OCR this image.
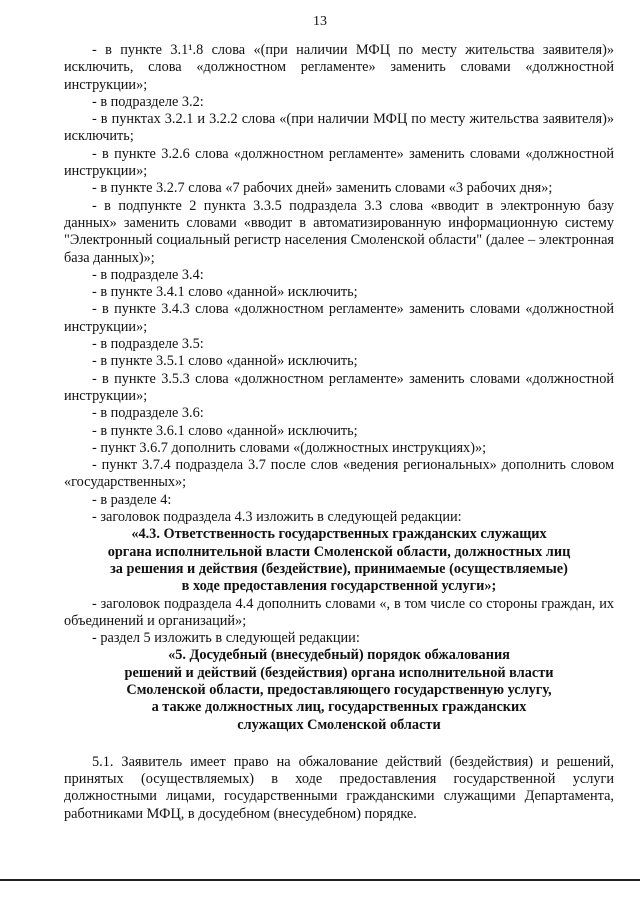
13

- в пункте 3.1¹.8 слова «(при наличии МФЦ по месту жительства заявителя)» исключить, слова «должностном регламенте» заменить словами «должностной инструкции»;

- в подразделе 3.2:

- в пунктах 3.2.1 и 3.2.2 слова «(при наличии МФЦ по месту жительства заявителя)» исключить;

- в пункте 3.2.6 слова «должностном регламенте» заменить словами «должностной инструкции»;

- в пункте 3.2.7 слова «7 рабочих дней» заменить словами «3 рабочих дня»;

- в подпункте 2 пункта 3.3.5 подраздела 3.3 слова «вводит в электронную базу данных» заменить словами «вводит в автоматизированную информационную систему "Электронный социальный регистр населения Смоленской области" (далее – электронная база данных)»;

- в подразделе 3.4:

- в пункте 3.4.1 слово «данной» исключить;

- в пункте 3.4.3 слова «должностном регламенте» заменить словами «должностной инструкции»;

- в подразделе 3.5:

- в пункте 3.5.1 слово «данной» исключить;

- в пункте 3.5.3 слова «должностном регламенте» заменить словами «должностной инструкции»;

- в подразделе 3.6:

- в пункте 3.6.1 слово «данной» исключить;

- пункт 3.6.7 дополнить словами «(должностных инструкциях)»;

- пункт 3.7.4 подраздела 3.7 после слов «ведения региональных» дополнить словом «государственных»;

- в разделе 4:

- заголовок подраздела 4.3 изложить в следующей редакции:

«4.3. Ответственность государственных гражданских служащих

органа исполнительной власти Смоленской области, должностных лиц

за решения и действия (бездействие), принимаемые (осуществляемые)

в ходе предоставления государственной услуги»;

- заголовок подраздела 4.4 дополнить словами «, в том числе со стороны граждан, их объединений и организаций»;

- раздел 5 изложить в следующей редакции:

«5. Досудебный (внесудебный) порядок обжалования

решений и действий (бездействия) органа исполнительной власти

Смоленской области, предоставляющего государственную услугу,

а также должностных лиц, государственных гражданских

служащих Смоленской области

5.1. Заявитель имеет право на обжалование действий (бездействия) и решений, принятых (осуществляемых) в ходе предоставления государственной услуги должностными лицами, государственными гражданскими служащими Департамента, работниками МФЦ, в досудебном (внесудебном) порядке.
